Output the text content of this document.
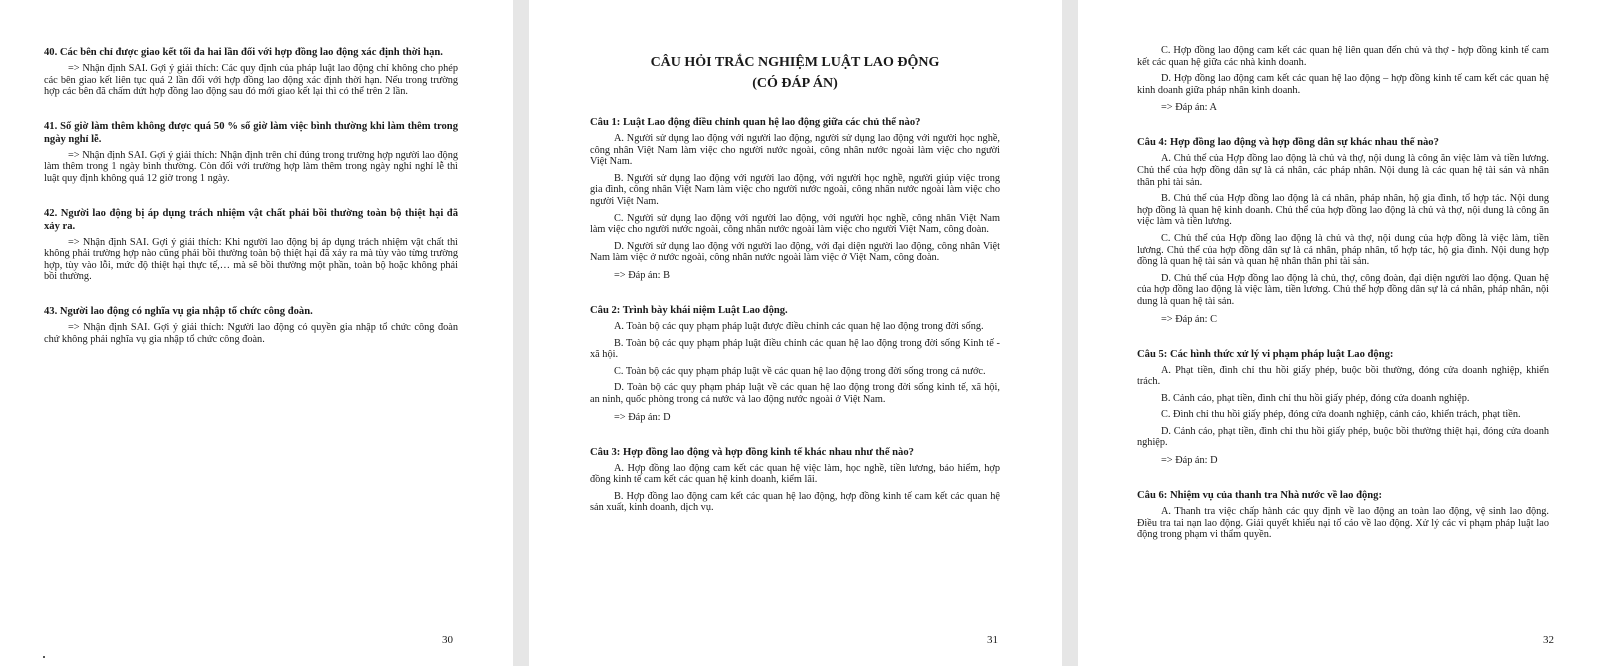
40. Các bên chỉ được giao kết tối đa hai lần đối với hợp đồng lao động xác định thời hạn.
=> Nhận định SAI. Gợi ý giải thích: Các quy định của pháp luật lao động chỉ không cho phép các bên giao kết liên tục quá 2 lần đối với hợp đồng lao động xác định thời hạn. Nếu trong trường hợp các bên đã chấm dứt hợp đồng lao động sau đó mới giao kết lại thì có thể trên 2 lần.
41. Số giờ làm thêm không được quá 50 % số giờ làm việc bình thường khi làm thêm trong ngày nghỉ lễ.
=> Nhận định SAI. Gợi ý giải thích: Nhận định trên chỉ đúng trong trường hợp người lao động làm thêm trong 1 ngày bình thường. Còn đối với trường hợp làm thêm trong ngày nghỉ nghỉ lễ thì luật quy định không quá 12 giờ trong 1 ngày.
42. Người lao động bị áp dụng trách nhiệm vật chất phải bồi thường toàn bộ thiệt hại đã xảy ra.
=> Nhận định SAI. Gợi ý giải thích: Khi người lao động bị áp dụng trách nhiệm vật chất thì không phải trường hợp nào cũng phải bồi thường toàn bộ thiệt hại đã xảy ra mà tùy vào từng trường hợp, tùy vào lỗi, mức độ thiệt hại thực tế,… mà sẽ bồi thường một phần, toàn bộ hoặc không phải bồi thường.
43. Người lao động có nghĩa vụ gia nhập tổ chức công đoàn.
=> Nhận định SAI. Gợi ý giải thích: Người lao động có quyền gia nhập tổ chức công đoàn chứ không phải nghĩa vụ gia nhập tổ chức công đoàn.
30
CÂU HỎI TRẮC NGHIỆM LUẬT LAO ĐỘNG
(CÓ ĐÁP ÁN)
Câu 1: Luật Lao động điều chỉnh quan hệ lao động giữa các chủ thể nào?
A. Người sử dụng lao động với người lao động, người sử dụng lao động với người học nghề, công nhân Việt Nam làm việc cho người nước ngoài, công nhân nước ngoài làm việc cho người Việt Nam.
B. Người sử dụng lao động với người lao động, với người học nghề, người giúp việc trong gia đình, công nhân Việt Nam làm việc cho người nước ngoài, công nhân nước ngoài làm việc cho người Việt Nam.
C. Người sử dụng lao động với người lao động, với người học nghề, công nhân Việt Nam làm việc cho người nước ngoài, công nhân nước ngoài làm việc cho người Việt Nam, công đoàn.
D. Người sử dụng lao động với người lao động, với đại diện người lao động, công nhân Việt Nam làm việc ở nước ngoài, công nhân nước ngoài làm việc ở Việt Nam, công đoàn.
=> Đáp án: B
Câu 2: Trình bày khái niệm Luật Lao động.
A. Toàn bộ các quy phạm pháp luật được điều chỉnh các quan hệ lao động trong đời sống.
B. Toàn bộ các quy phạm pháp luật điều chỉnh các quan hệ lao động trong đời sống Kinh tế - xã hội.
C. Toàn bộ các quy phạm pháp luật về các quan hệ lao động trong đời sống trong cả nước.
D. Toàn bộ các quy phạm pháp luật về các quan hệ lao động trong đời sống kinh tế, xã hội, an ninh, quốc phòng trong cả nước và lao động nước ngoài ở Việt Nam.
=> Đáp án: D
Câu 3: Hợp đồng lao động và hợp đồng kinh tế khác nhau như thế nào?
A. Hợp đồng lao động cam kết các quan hệ việc làm, học nghề, tiền lương, bảo hiểm, hợp đồng kinh tế cam kết các quan hệ kinh doanh, kiểm lãi.
B. Hợp đồng lao động cam kết các quan hệ lao động, hợp đồng kinh tế cam kết các quan hệ sản xuất, kinh doanh, dịch vụ.
31
C. Hợp đồng lao động cam kết các quan hệ liên quan đến chủ và thợ - hợp đồng kinh tế cam kết các quan hệ giữa các nhà kinh doanh.
D. Hợp đồng lao động cam kết các quan hệ lao động – hợp đồng kinh tế cam kết các quan hệ kinh doanh giữa pháp nhân kinh doanh.
=> Đáp án: A
Câu 4: Hợp đồng lao động và hợp đồng dân sự khác nhau thế nào?
A. Chủ thể của Hợp đồng lao động là chủ và thợ, nội dung là công ăn việc làm và tiền lương. Chủ thể của hợp đồng dân sự là cá nhân, các pháp nhân. Nội dung là các quan hệ tài sản và nhân thân phi tài sản.
B. Chủ thể của Hợp đồng lao động là cá nhân, pháp nhân, hộ gia đình, tổ hợp tác. Nội dung hợp đồng là quan hệ kinh doanh. Chủ thể của hợp đồng lao động là chủ và thợ, nội dung là công ăn việc làm và tiền lương.
C. Chủ thể của Hợp đồng lao động là chủ và thợ, nội dung của hợp đồng là việc làm, tiền lương. Chủ thể của hợp đồng dân sự là cá nhân, pháp nhân, tổ hợp tác, hộ gia đình. Nội dung hợp đồng là quan hệ tài sản và quan hệ nhân thân phi tài sản.
D. Chủ thể của Hợp đồng lao động là chủ, thợ, công đoàn, đại diện người lao động. Quan hệ của hợp đồng lao động là việc làm, tiền lương. Chủ thể hợp đồng dân sự là cá nhân, pháp nhân, nội dung là quan hệ tài sản.
=> Đáp án: C
Câu 5: Các hình thức xử lý vi phạm pháp luật Lao động:
A. Phạt tiền, đình chỉ thu hồi giấy phép, buộc bồi thường, đóng cửa doanh nghiệp, khiển trách.
B. Cảnh cáo, phạt tiền, đình chỉ thu hồi giấy phép, đóng cửa doanh nghiệp.
C. Đình chỉ thu hồi giấy phép, đóng cửa doanh nghiệp, cảnh cáo, khiển trách, phạt tiền.
D. Cảnh cáo, phạt tiền, đình chỉ thu hồi giấy phép, buộc bồi thường thiệt hại, đóng cửa doanh nghiệp.
=> Đáp án: D
Câu 6: Nhiệm vụ của thanh tra Nhà nước về lao động:
A. Thanh tra việc chấp hành các quy định về lao động an toàn lao động, vệ sinh lao động. Điều tra tai nạn lao động. Giải quyết khiếu nại tố cáo về lao động. Xử lý các vi phạm pháp luật lao động trong phạm vi thẩm quyền.
32
